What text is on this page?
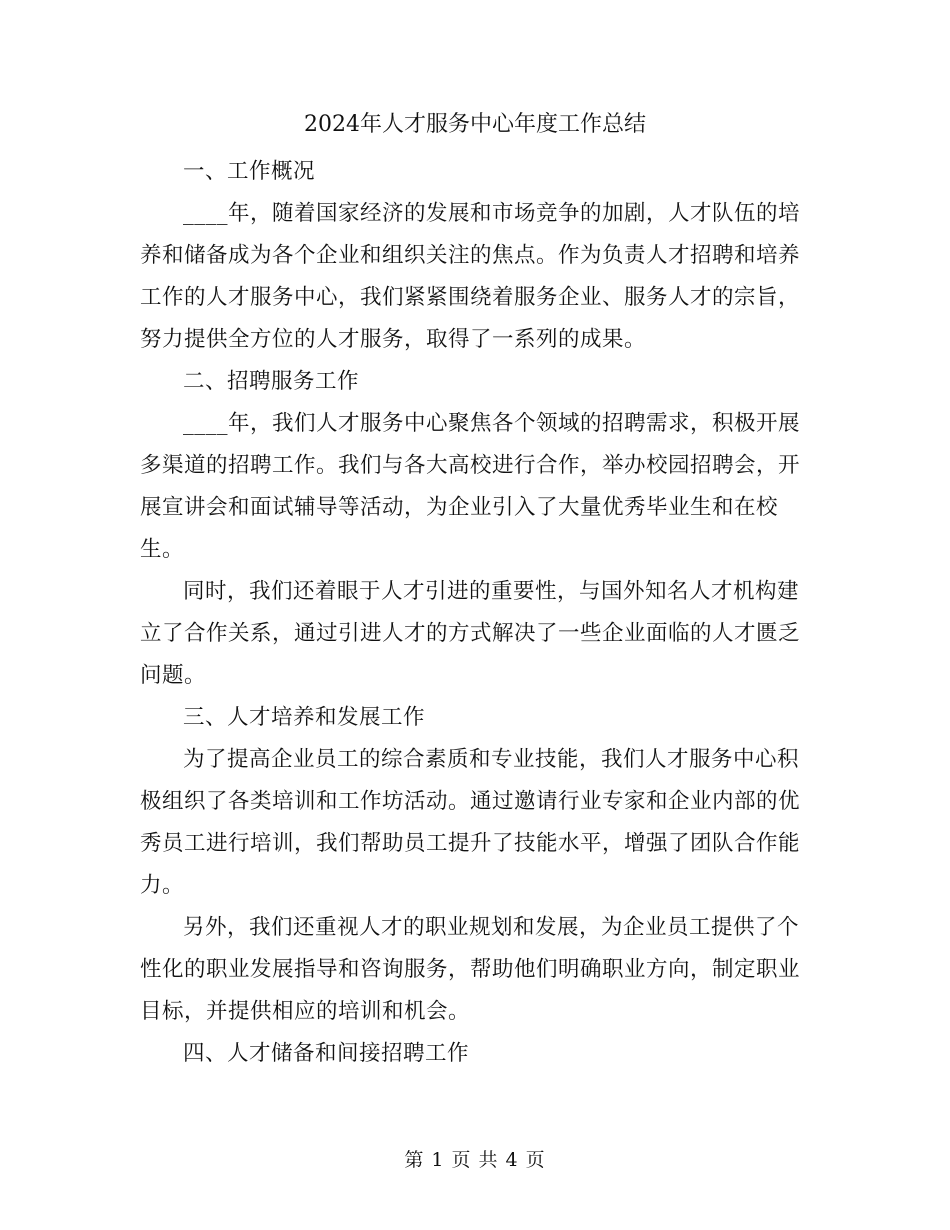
2024年人才服务中心年度工作总结

一、工作概况

____年，随着国家经济的发展和市场竞争的加剧，人才队伍的培养和储备成为各个企业和组织关注的焦点。作为负责人才招聘和培养工作的人才服务中心，我们紧紧围绕着服务企业、服务人才的宗旨，努力提供全方位的人才服务，取得了一系列的成果。

二、招聘服务工作

____年，我们人才服务中心聚焦各个领域的招聘需求，积极开展多渠道的招聘工作。我们与各大高校进行合作，举办校园招聘会，开展宣讲会和面试辅导等活动，为企业引入了大量优秀毕业生和在校生。

同时，我们还着眼于人才引进的重要性，与国外知名人才机构建立了合作关系，通过引进人才的方式解决了一些企业面临的人才匮乏问题。

三、人才培养和发展工作

为了提高企业员工的综合素质和专业技能，我们人才服务中心积极组织了各类培训和工作坊活动。通过邀请行业专家和企业内部的优秀员工进行培训，我们帮助员工提升了技能水平，增强了团队合作能力。

另外，我们还重视人才的职业规划和发展，为企业员工提供了个性化的职业发展指导和咨询服务，帮助他们明确职业方向，制定职业目标，并提供相应的培训和机会。

四、人才储备和间接招聘工作

第 1 页 共 4 页
